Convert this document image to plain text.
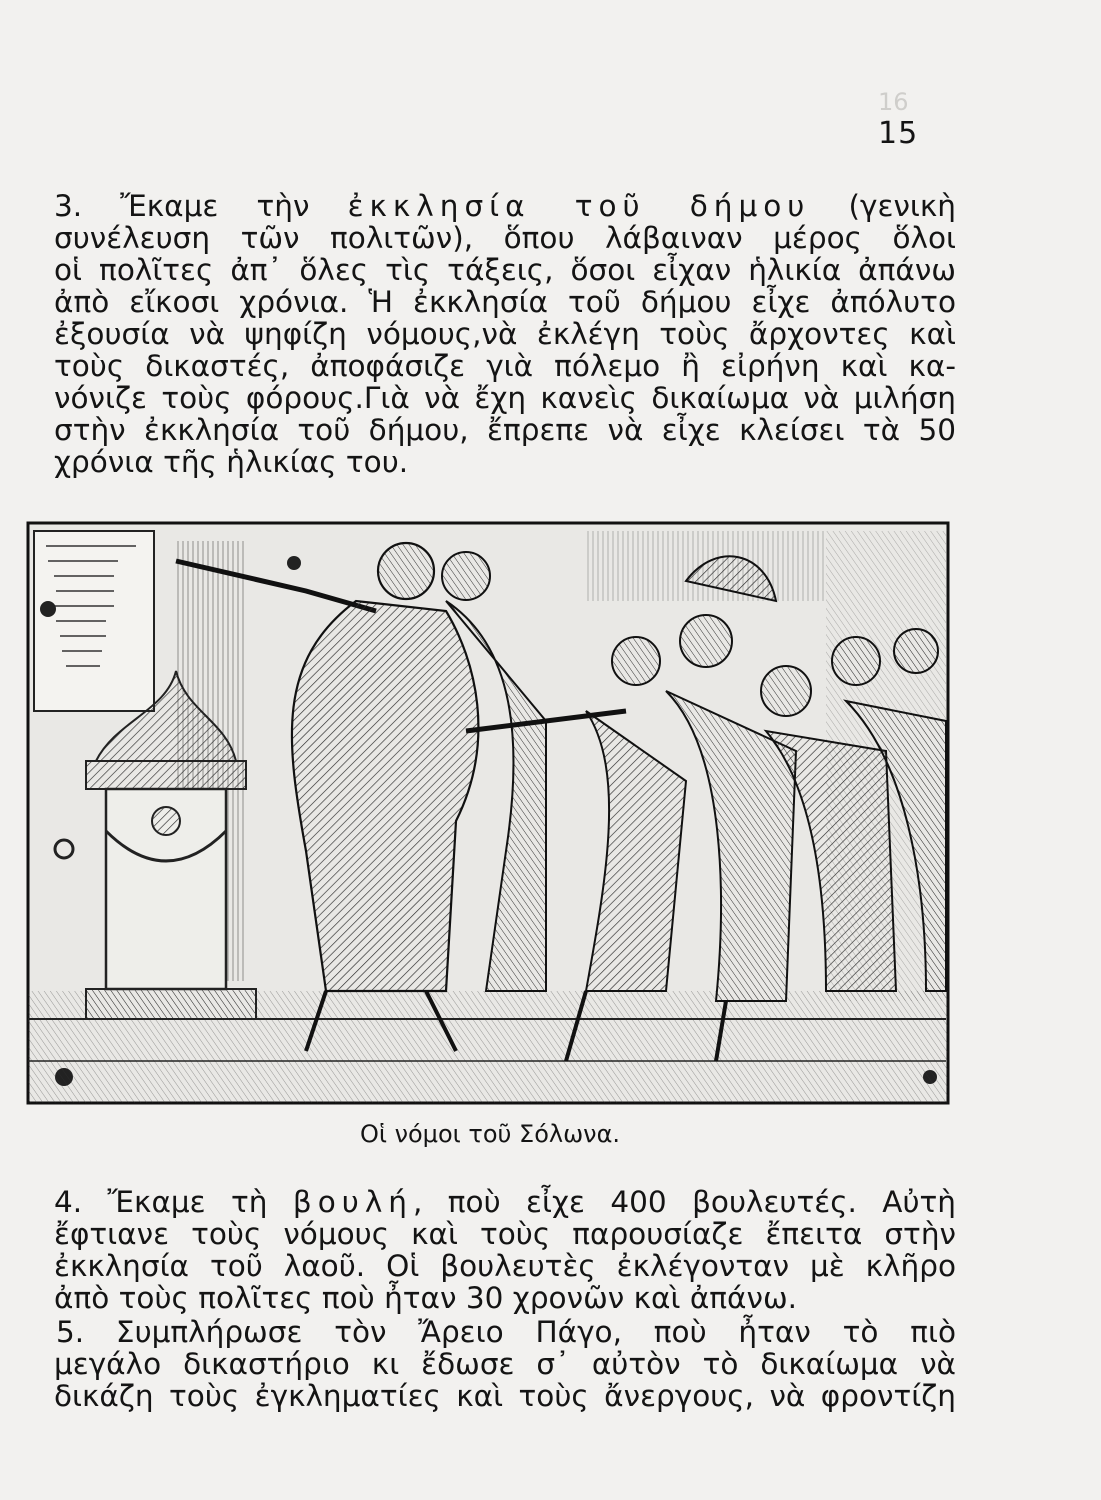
16
15
3. Ἔκαμε τὴν ἐκκλησία τοῦ δήμου (γενικὴ
συνέλευση τῶν πολιτῶν), ὅπου λάβαιναν μέρος ὅλοι
οἱ πολῖτες ἀπ᾿ ὅλες τὶς τάξεις, ὅσοι εἶχαν ἡλικία ἀπάνω
ἀπὸ εἴκοσι χρόνια. Ἡ ἐκκλησία τοῦ δήμου εἶχε ἀπόλυτο
ἐξουσία νὰ ψηφίζη νόμους,νὰ ἐκλέγη τοὺς ἄρχοντες καὶ
τοὺς δικαστές, ἀποφάσιζε γιὰ πόλεμο ἢ εἰρήνη καὶ κα-
νόνιζε τοὺς φόρους.Γιὰ νὰ ἔχη κανεὶς δικαίωμα νὰ μιλήση
στὴν ἐκκλησία τοῦ δήμου, ἔπρεπε νὰ εἶχε κλείσει τὰ 50
χρόνια τῆς ἡλικίας του.
Οἱ νόμοι τοῦ Σόλωνα.
4. Ἔκαμε τὴ βουλή, ποὺ εἶχε 400 βουλευτές. Αὐτὴ
ἔφτιανε τοὺς νόμους καὶ τοὺς παρουσίαζε ἔπειτα στὴν
ἐκκλησία τοῦ λαοῦ. Οἱ βουλευτὲς ἐκλέγονταν μὲ κλῆρο
ἀπὸ τοὺς πολῖτες ποὺ ἦταν 30 χρονῶν καὶ ἀπάνω.
5. Συμπλήρωσε τὸν Ἄρειο Πάγο, ποὺ ἦταν τὸ πιὸ
μεγάλο δικαστήριο κι ἔδωσε σ᾿ αὐτὸν τὸ δικαίωμα νὰ
δικάζη τοὺς ἐγκληματίες καὶ τοὺς ἄνεργους, νὰ φροντίζη
